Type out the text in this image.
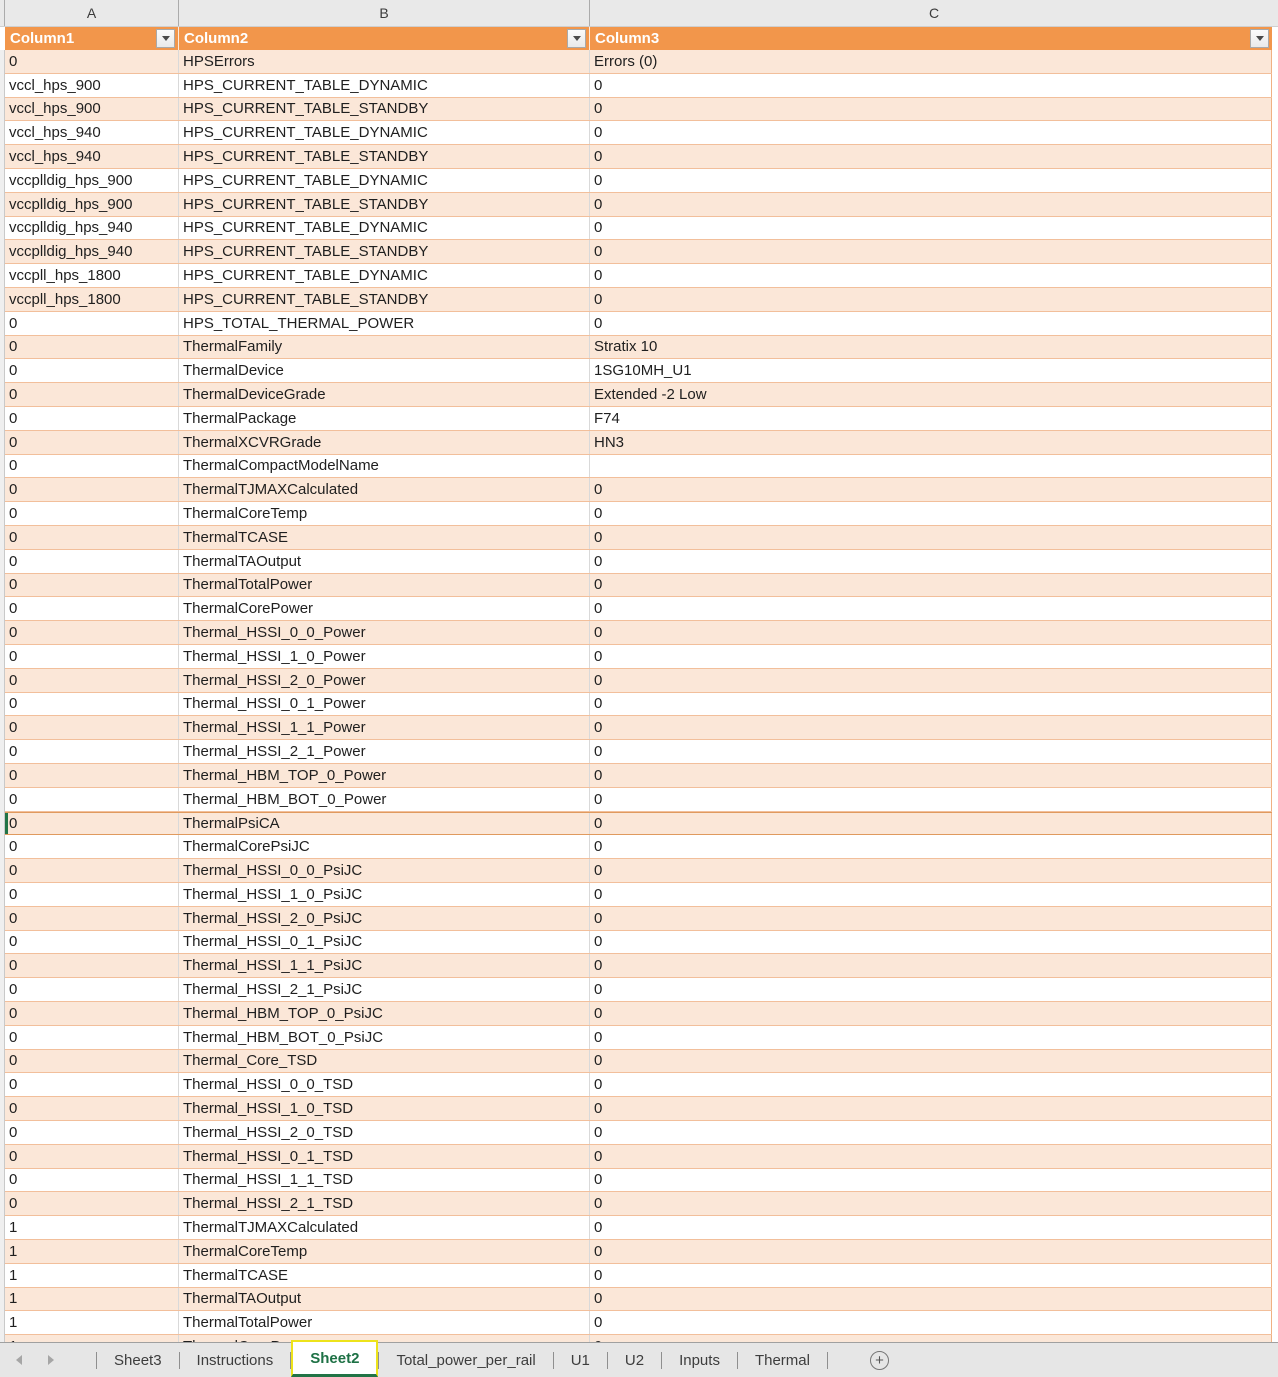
A	B	C
Column1	Column2	Column3
0	HPSErrors	Errors (0)
vccl_hps_900	HPS_CURRENT_TABLE_DYNAMIC	0
vccl_hps_900	HPS_CURRENT_TABLE_STANDBY	0
vccl_hps_940	HPS_CURRENT_TABLE_DYNAMIC	0
vccl_hps_940	HPS_CURRENT_TABLE_STANDBY	0
vccplldig_hps_900	HPS_CURRENT_TABLE_DYNAMIC	0
vccplldig_hps_900	HPS_CURRENT_TABLE_STANDBY	0
vccplldig_hps_940	HPS_CURRENT_TABLE_DYNAMIC	0
vccplldig_hps_940	HPS_CURRENT_TABLE_STANDBY	0
vccpll_hps_1800	HPS_CURRENT_TABLE_DYNAMIC	0
vccpll_hps_1800	HPS_CURRENT_TABLE_STANDBY	0
0	HPS_TOTAL_THERMAL_POWER	0
0	ThermalFamily	Stratix 10
0	ThermalDevice	1SG10MH_U1
0	ThermalDeviceGrade	Extended -2 Low
0	ThermalPackage	F74
0	ThermalXCVRGrade	HN3
0	ThermalCompactModelName
0	ThermalTJMAXCalculated	0
0	ThermalCoreTemp	0
0	ThermalTCASE	0
0	ThermalTAOutput	0
0	ThermalTotalPower	0
0	ThermalCorePower	0
0	Thermal_HSSI_0_0_Power	0
0	Thermal_HSSI_1_0_Power	0
0	Thermal_HSSI_2_0_Power	0
0	Thermal_HSSI_0_1_Power	0
0	Thermal_HSSI_1_1_Power	0
0	Thermal_HSSI_2_1_Power	0
0	Thermal_HBM_TOP_0_Power	0
0	Thermal_HBM_BOT_0_Power	0
0	ThermalPsiCA	0
0	ThermalCorePsiJC	0
0	Thermal_HSSI_0_0_PsiJC	0
0	Thermal_HSSI_1_0_PsiJC	0
0	Thermal_HSSI_2_0_PsiJC	0
0	Thermal_HSSI_0_1_PsiJC	0
0	Thermal_HSSI_1_1_PsiJC	0
0	Thermal_HSSI_2_1_PsiJC	0
0	Thermal_HBM_TOP_0_PsiJC	0
0	Thermal_HBM_BOT_0_PsiJC	0
0	Thermal_Core_TSD	0
0	Thermal_HSSI_0_0_TSD	0
0	Thermal_HSSI_1_0_TSD	0
0	Thermal_HSSI_2_0_TSD	0
0	Thermal_HSSI_0_1_TSD	0
0	Thermal_HSSI_1_1_TSD	0
0	Thermal_HSSI_2_1_TSD	0
1	ThermalTJMAXCalculated	0
1	ThermalCoreTemp	0
1	ThermalTCASE	0
1	ThermalTAOutput	0
1	ThermalTotalPower	0
Sheet3	Instructions	Sheet2	Total_power_per_rail	U1	U2	Inputs	Thermal	+
